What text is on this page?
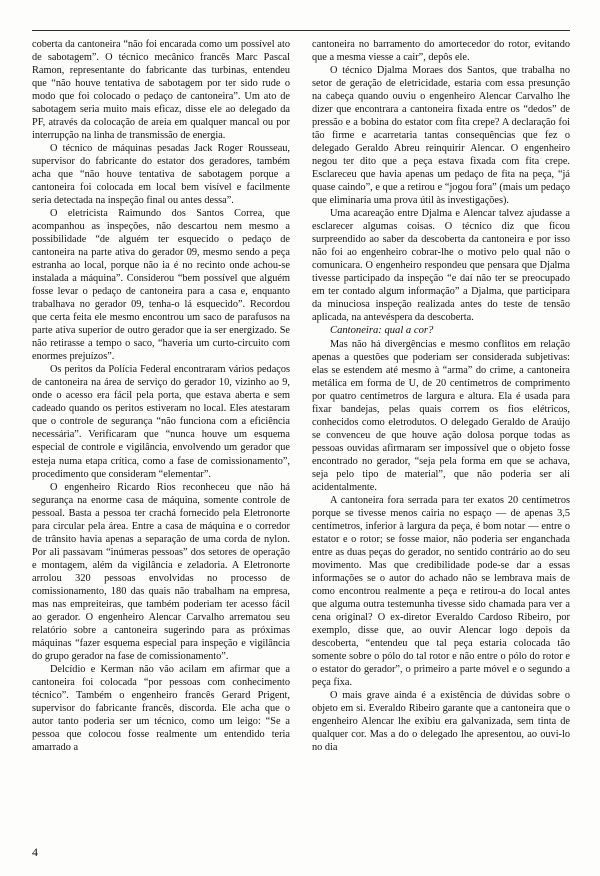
coberta da cantoneira “não foi encarada como um possível ato de sabotagem”. O técnico mecânico francês Marc Pascal Ramon, representante do fabricante das turbinas, entendeu que “não houve tentativa de sabotagem por ter sido rude o modo que foi colocado o pedaço de cantoneira”. Um ato de sabotagem seria muito mais eficaz, disse ele ao delegado da PF, através da colocação de areia em qualquer mancal ou por interrupção na linha de transmissão de energia.

O técnico de máquinas pesadas Jack Roger Rousseau, supervisor do fabricante do estator dos geradores, também acha que “não houve tentativa de sabotagem porque a cantoneira foi colocada em local bem visível e facilmente seria detectada na inspeção final ou antes dessa”.

O eletricista Raimundo dos Santos Correa, que acompanhou as inspeções, não descartou nem mesmo a possibilidade “de alguém ter esquecido o pedaço de cantoneira na parte ativa do gerador 09, mesmo sendo a peça estranha ao local, porque não ia é no recinto onde achou-se instalada a máquina”. Considerou “bem possível que alguém fosse levar o pedaço de cantoneira para a casa e, enquanto trabalhava no gerador 09, tenha-o lá esquecido”. Recordou que certa feita ele mesmo encontrou um saco de parafusos na parte ativa superior de outro gerador que ia ser energizado. Se não retirasse a tempo o saco, “haveria um curto-circuito com enormes prejuízos”.

Os peritos da Polícia Federal encontraram vários pedaços de cantoneira na área de serviço do gerador 10, vizinho ao 9, onde o acesso era fácil pela porta, que estava aberta e sem cadeado quando os peritos estiveram no local. Eles atestaram que o controle de segurança “não funciona com a eficiência necessária”. Verificaram que “nunca houve um esquema especial de controle e vigilância, envolvendo um gerador que esteja numa etapa crítica, como a fase de comissionamento”, procedimento que consideram “elementar”.

O engenheiro Ricardo Rios reconheceu que não há segurança na enorme casa de máquina, somente controle de pessoal. Basta a pessoa ter crachá fornecido pela Eletronorte para circular pela área. Entre a casa de máquina e o corredor de trânsito havia apenas a separação de uma corda de nylon. Por ali passavam “inúmeras pessoas” dos setores de operação e montagem, além da vigilância e zeladoria. A Eletronorte arrolou 320 pessoas envolvidas no processo de comissionamento, 180 das quais não trabalham na empresa, mas nas empreiteiras, que também poderiam ter acesso fácil ao gerador. O engenheiro Alencar Carvalho arrematou seu relatório sobre a cantoneira sugerindo para as próximas máquinas “fazer esquema especial para inspeção e vigilância do grupo gerador na fase de comissionamento”.

Delcídio e Kerman não vão acilam em afirmar que a cantoneira foi colocada “por pessoas com conhecimento técnico”. Também o engenheiro francês Gerard Prigent, supervisor do fabricante francês, discorda. Ele acha que o autor tanto poderia ser um técnico, como um leigo: “Se a pessoa que colocou fosse realmente um entendido teria amarrado a

cantoneira no barramento do amortecedor do rotor, evitando que a mesma viesse a cair”, depôs ele.

O técnico Djalma Moraes dos Santos, que trabalha no setor de geração de eletricidade, estaria com essa presunção na cabeça quando ouviu o engenheiro Alencar Carvalho lhe dizer que encontrara a cantoneira fixada entre os “dedos” de pressão e a bobina do estator com fita crepe? A declaração foi tão firme e acarretaria tantas consequências que fez o delegado Geraldo Abreu reinquirir Alencar. O engenheiro negou ter dito que a peça estava fixada com fita crepe. Esclareceu que havia apenas um pedaço de fita na peça, “já quase caindo”, e que a retirou e “jogou fora” (mais um pedaço que eliminaria uma prova útil às investigações).

Uma acareação entre Djalma e Alencar talvez ajudasse a esclarecer algumas coisas. O técnico diz que ficou surpreendido ao saber da descoberta da cantoneira e por isso não foi ao engenheiro cobrar-lhe o motivo pelo qual não o comunicara. O engenheiro respondeu que pensara que Djalma tivesse participado da inspeção “e daí não ter se preocupado em ter contado algum informação” a Djalma, que participara da minuciosa inspeção realizada antes do teste de tensão aplicada, na antevéspera da descoberta.

Cantoneira: qual a cor?

Mas não há divergências e mesmo conflitos em relação apenas a questões que poderiam ser considerada subjetivas: elas se estendem até mesmo à “arma” do crime, a cantoneira metálica em forma de U, de 20 centímetros de comprimento por quatro centímetros de largura e altura. Ela é usada para fixar bandejas, pelas quais correm os fios elétricos, conhecidos como eletrodutos. O delegado Geraldo de Araújo se convenceu de que houve ação dolosa porque todas as pessoas ouvidas afirmaram ser impossível que o objeto fosse encontrado no gerador, “seja pela forma em que se achava, seja pelo tipo de material”, que não poderia ser ali acidentalmente.

A cantoneira fora serrada para ter exatos 20 centímetros porque se tivesse menos cairia no espaço — de apenas 3,5 centímetros, inferior à largura da peça, é bom notar — entre o estator e o rotor; se fosse maior, não poderia ser enganchada entre as duas peças do gerador, no sentido contrário ao do seu movimento. Mas que credibilidade pode-se dar a essas informações se o autor do achado não se lembrava mais de como encontrou realmente a peça e retirou-a do local antes que alguma outra testemunha tivesse sido chamada para ver a cena original? O ex-diretor Everaldo Cardoso Ribeiro, por exemplo, disse que, ao ouvir Alencar logo depois da descoberta, “entendeu que tal peça estaria colocada tão somente sobre o pólo do tal rotor e não entre o pólo do rotor e o estator do gerador”, o primeiro a parte móvel e o segundo a peça fixa.

O mais grave ainda é a existência de dúvidas sobre o objeto em si. Everaldo Ribeiro garante que a cantoneira que o engenheiro Alencar lhe exibiu era galvanizada, sem tinta de qualquer cor. Mas a do o delegado lhe apresentou, ao ouvi-lo no dia

4
